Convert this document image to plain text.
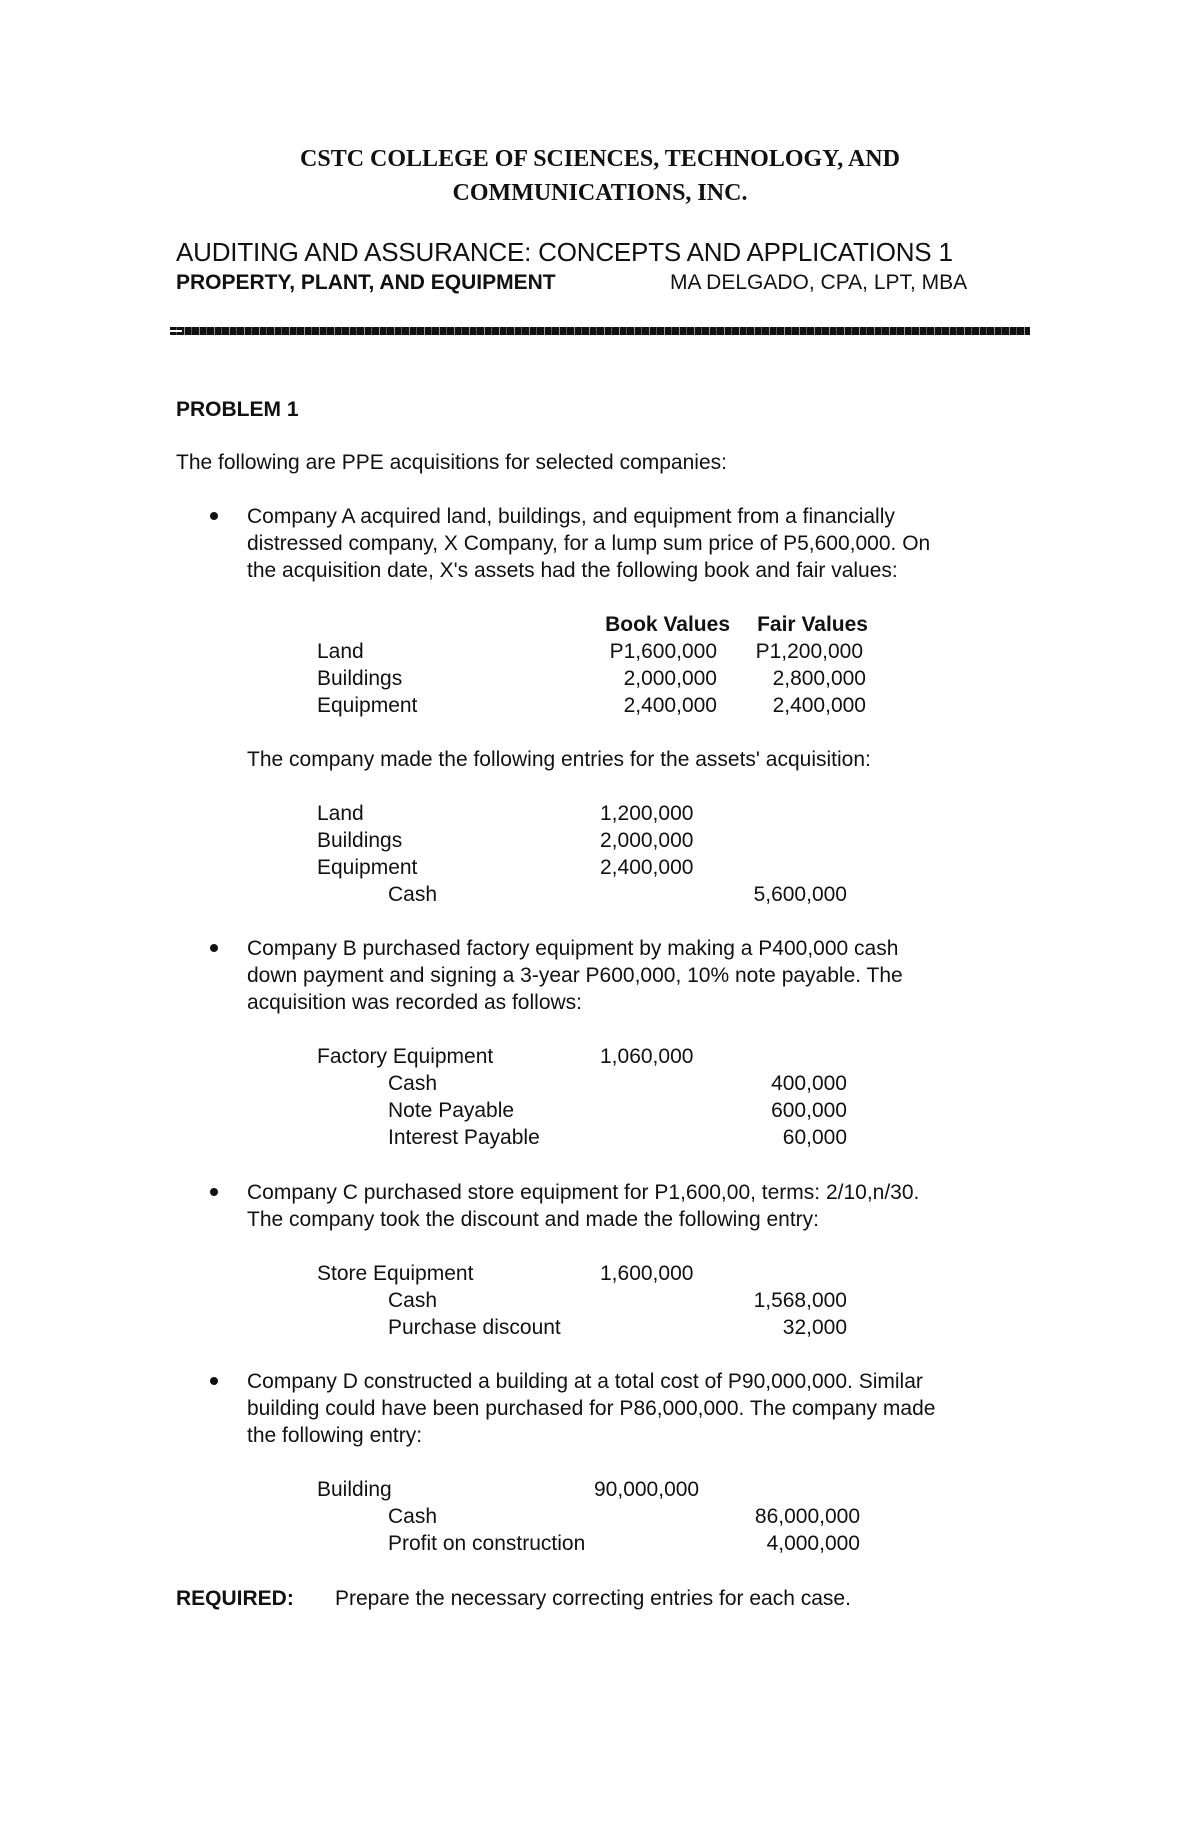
CSTC COLLEGE OF SCIENCES, TECHNOLOGY, AND
COMMUNICATIONS, INC.
AUDITING AND ASSURANCE: CONCEPTS AND APPLICATIONS 1
PROPERTY, PLANT, AND EQUIPMENT	MA DELGADO, CPA, LPT, MBA
PROBLEM 1
The following are PPE acquisitions for selected companies:
Company A acquired land, buildings, and equipment from a financially
distressed company, X Company, for a lump sum price of P5,600,000. On
the acquisition date, X's assets had the following book and fair values:
Book Values	Fair Values
Land	P1,600,000	P1,200,000
Buildings	2,000,000	2,800,000
Equipment	2,400,000	2,400,000
The company made the following entries for the assets' acquisition:
Land	1,200,000
Buildings	2,000,000
Equipment	2,400,000
Cash	5,600,000
Company B purchased factory equipment by making a P400,000 cash
down payment and signing a 3-year P600,000, 10% note payable. The
acquisition was recorded as follows:
Factory Equipment	1,060,000
Cash	400,000
Note Payable	600,000
Interest Payable	60,000
Company C purchased store equipment for P1,600,00, terms: 2/10,n/30.
The company took the discount and made the following entry:
Store Equipment	1,600,000
Cash	1,568,000
Purchase discount	32,000
Company D constructed a building at a total cost of P90,000,000. Similar
building could have been purchased for P86,000,000. The company made
the following entry:
Building	90,000,000
Cash	86,000,000
Profit on construction	4,000,000
REQUIRED: Prepare the necessary correcting entries for each case.
